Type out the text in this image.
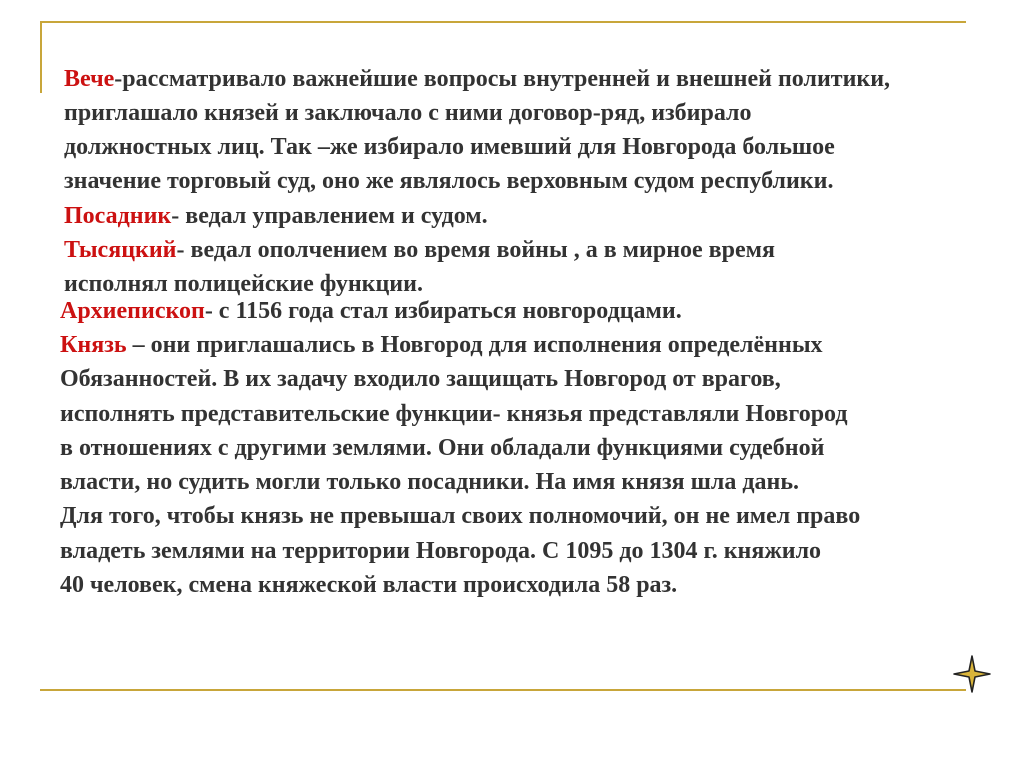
Вече-рассматривало важнейшие вопросы внутренней и внешней политики,

приглашало князей и заключало с ними договор-ряд, избирало

должностных лиц. Так –же избирало имевший для Новгорода большое

значение торговый суд, оно же являлось верховным судом республики.

Посадник- ведал управлением и судом.

Тысяцкий- ведал ополчением во время войны , а в мирное время

исполнял полицейские функции.

Архиепископ- с 1156 года стал избираться новгородцами.

Князь – они приглашались в Новгород для исполнения определённых

Обязанностей. В их задачу входило защищать Новгород от врагов,

исполнять представительские функции- князья представляли Новгород

в отношениях с другими землями. Они обладали функциями судебной

власти, но судить могли только посадники. На имя князя шла дань.

Для того, чтобы князь не превышал своих полномочий, он не имел право

владеть землями на территории Новгорода. С 1095 до 1304 г. княжило

40 человек, смена княжеской власти происходила 58 раз.
